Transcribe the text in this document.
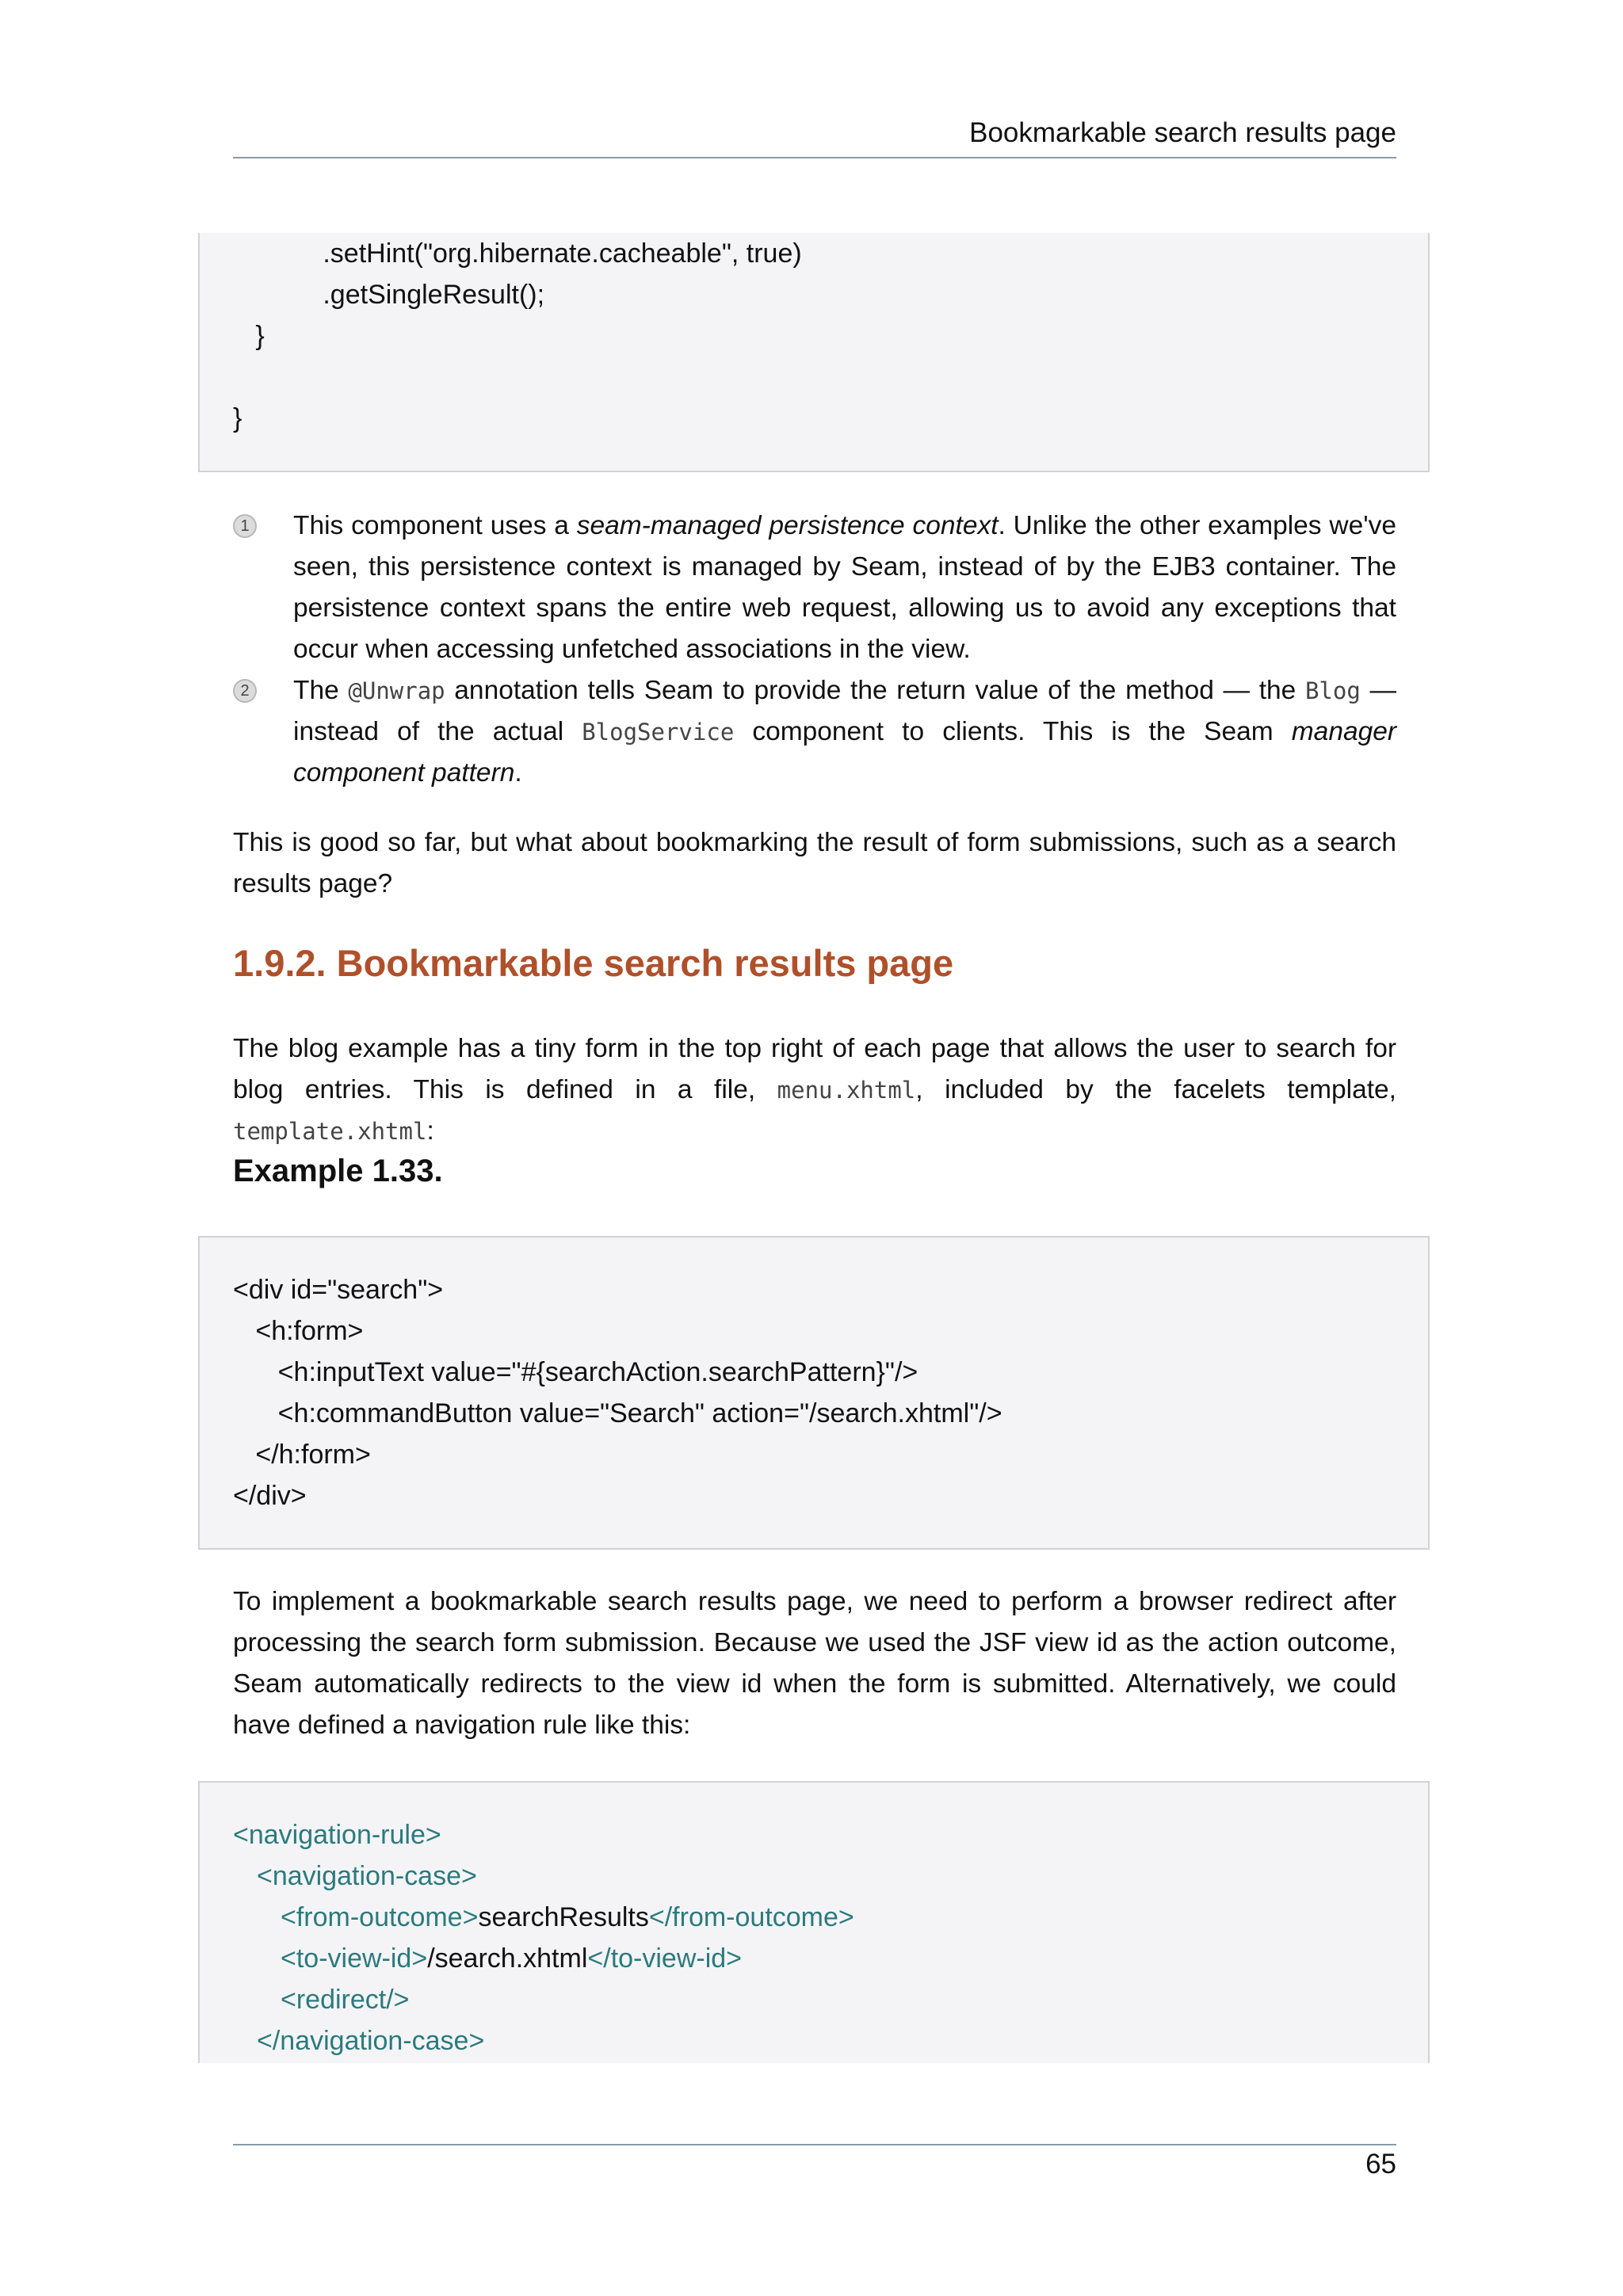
Bookmarkable search results page
.setHint("org.hibernate.cacheable", true)
.getSingleResult();
}
}
1 This component uses a seam-managed persistence context. Unlike the other examples we've seen, this persistence context is managed by Seam, instead of by the EJB3 container. The persistence context spans the entire web request, allowing us to avoid any exceptions that occur when accessing unfetched associations in the view.
2 The @Unwrap annotation tells Seam to provide the return value of the method — the Blog — instead of the actual BlogService component to clients. This is the Seam manager component pattern.
This is good so far, but what about bookmarking the result of form submissions, such as a search results page?
1.9.2. Bookmarkable search results page
The blog example has a tiny form in the top right of each page that allows the user to search for blog entries. This is defined in a file, menu.xhtml, included by the facelets template, template.xhtml:
Example 1.33.
<div id="search">
<h:form>
<h:inputText value="#{searchAction.searchPattern}"/>
<h:commandButton value="Search" action="/search.xhtml"/>
</h:form>
</div>
To implement a bookmarkable search results page, we need to perform a browser redirect after processing the search form submission. Because we used the JSF view id as the action outcome, Seam automatically redirects to the view id when the form is submitted. Alternatively, we could have defined a navigation rule like this:
<navigation-rule>
<navigation-case>
<from-outcome>searchResults</from-outcome>
<to-view-id>/search.xhtml</to-view-id>
<redirect/>
</navigation-case>
65
